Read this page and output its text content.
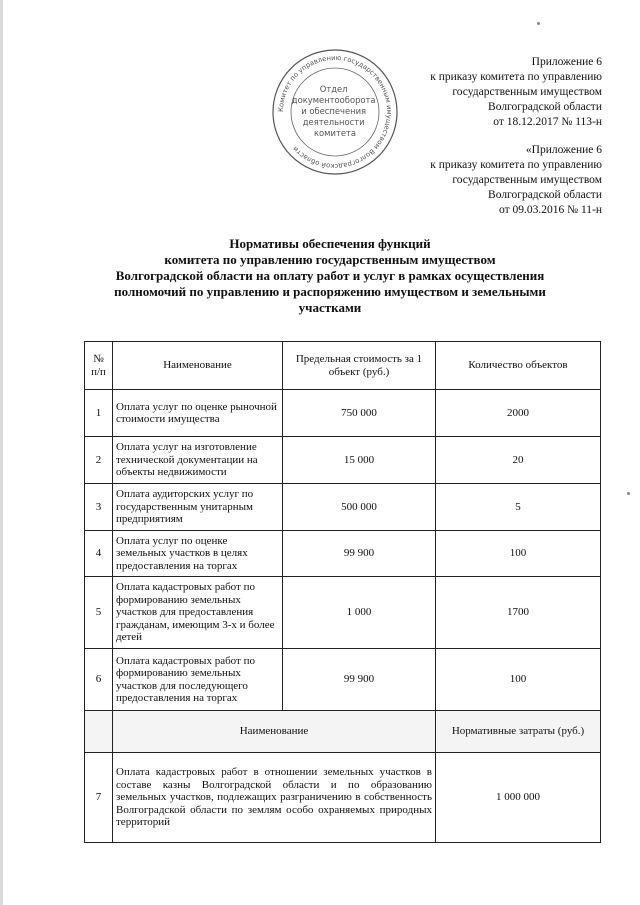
Комитет по управлению государственным имуществом Волгоградской области
Отдел документооборота и обеспечения деятельности комитета
Приложение 6
к приказу комитета по управлению
государственным имуществом
Волгоградской области
от 18.12.2017 № 113-н
«Приложение 6
к приказу комитета по управлению
государственным имуществом
Волгоградской области
от 09.03.2016 № 11-н
Нормативы обеспечения функций
комитета по управлению государственным имуществом
Волгоградской области на оплату работ и услуг в рамках осуществления
полномочий по управлению и распоряжению имуществом и земельными
участками
№ п/п	Наименование	Предельная стоимость за 1 объект (руб.)	Количество объектов
1	Оплата услуг по оценке рыночной стоимости имущества	750 000	2000
2	Оплата услуг на изготовление технической документации на объекты недвижимости	15 000	20
3	Оплата аудиторских услуг по государственным унитарным предприятиям	500 000	5
4	Оплата услуг по оценке земельных участков в целях предоставления на торгах	99 900	100
5	Оплата кадастровых работ по формированию земельных участков для предоставления гражданам, имеющим 3-х и более детей	1 000	1700
6	Оплата кадастровых работ по формированию земельных участков для последующего предоставления на торгах	99 900	100
	Наименование		Нормативные затраты (руб.)
7	Оплата кадастровых работ в отношении земельных участков в составе казны Волгоградской области и по образованию земельных участков, подлежащих разграничению в собственность Волгоградской области по землям особо охраняемых природных территорий		1 000 000
